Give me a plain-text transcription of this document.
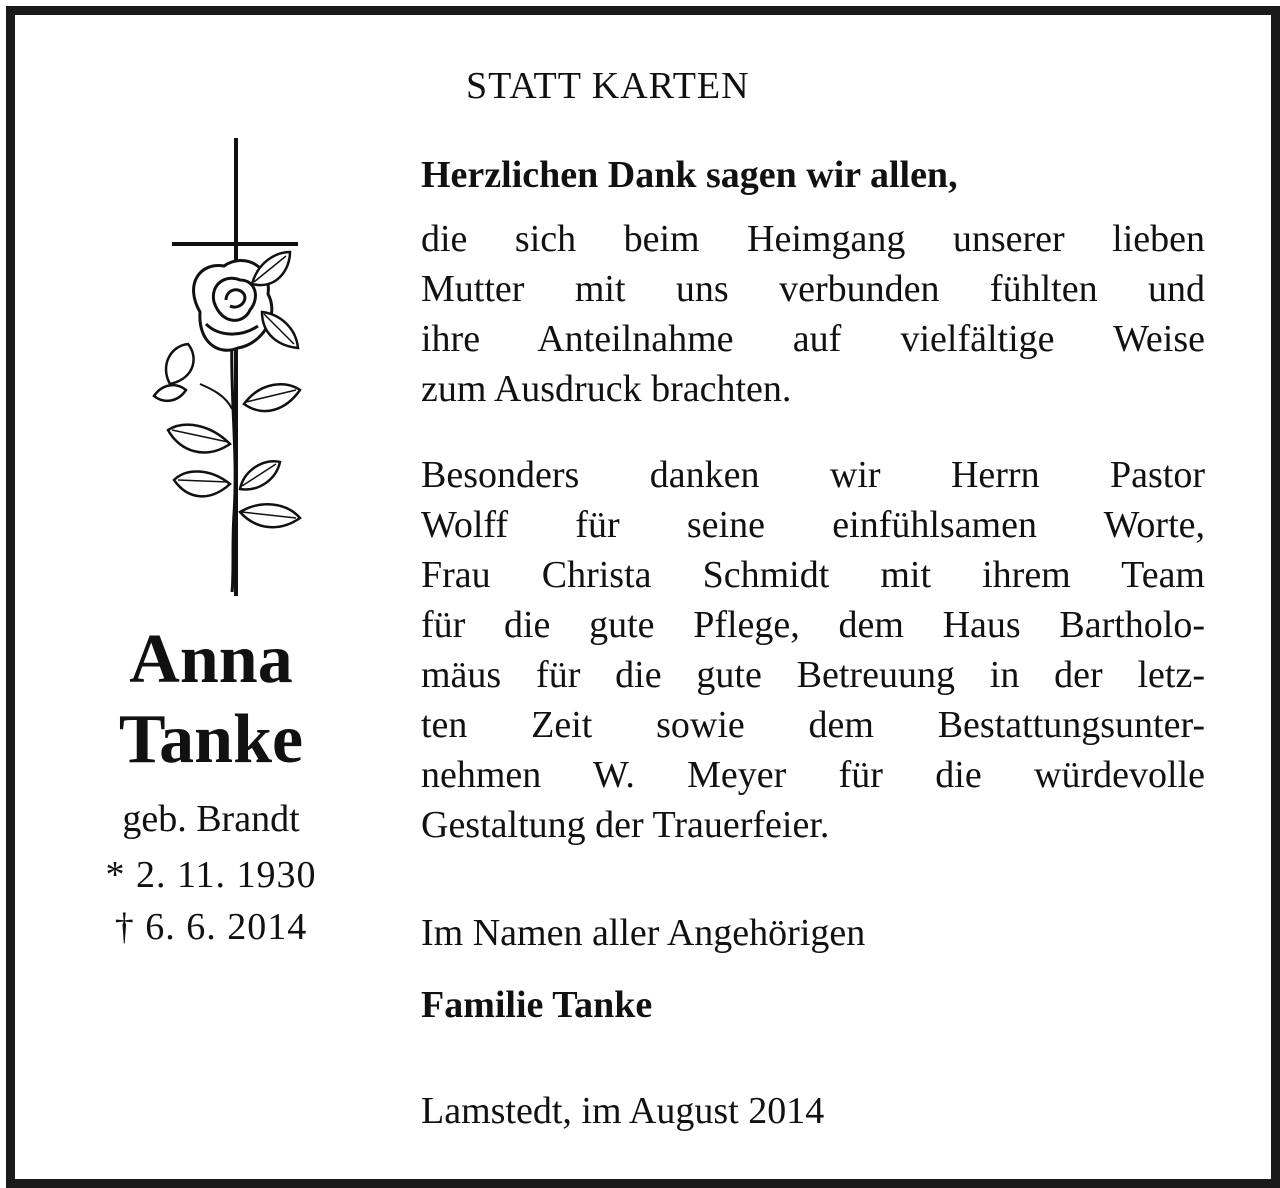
STATT KARTEN
Anna
Tanke
geb. Brandt
* 2. 11. 1930
† 6. 6. 2014

Herzlichen Dank sagen wir allen,

die sich beim Heimgang unserer lieben
Mutter mit uns verbunden fühlten und
ihre Anteilnahme auf vielfältige Weise
zum Ausdruck brachten.

Besonders danken wir Herrn Pastor
Wolff für seine einfühlsamen Worte,
Frau Christa Schmidt mit ihrem Team
für die gute Pflege, dem Haus Bartholo-
mäus für die gute Betreuung in der letz-
ten Zeit sowie dem Bestattungsunter-
nehmen W. Meyer für die würdevolle
Gestaltung der Trauerfeier.

Im Namen aller Angehörigen

Familie Tanke

Lamstedt, im August 2014
